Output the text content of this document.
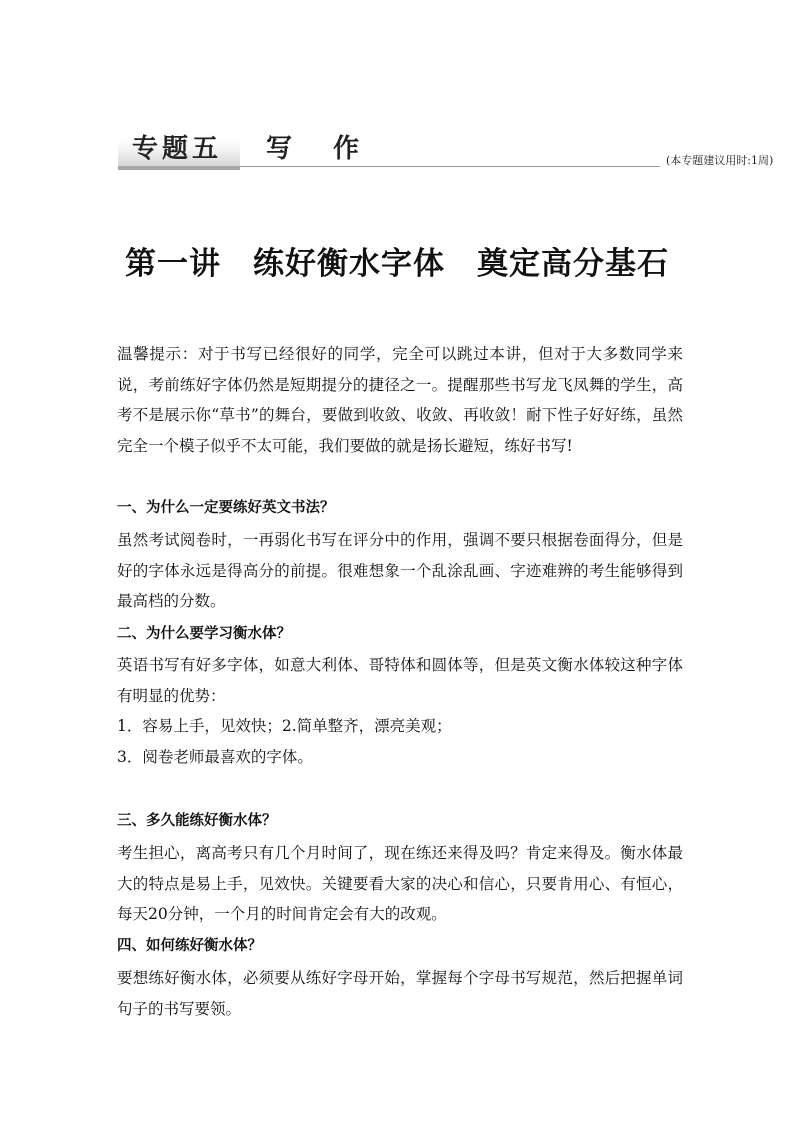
专题五 写 作	(本专题建议用时:1周)
第一讲　练好衡水字体　奠定高分基石
温馨提示：对于书写已经很好的同学，完全可以跳过本讲，但对于大多数同学来说，考前练好字体仍然是短期提分的捷径之一。提醒那些书写龙飞凤舞的学生，高考不是展示你“草书”的舞台，要做到收敛、收敛、再收敛！耐下性子好好练，虽然完全一个模子似乎不太可能，我们要做的就是扬长避短，练好书写!
一、为什么一定要练好英文书法？
虽然考试阅卷时，一再弱化书写在评分中的作用，强调不要只根据卷面得分，但是好的字体永远是得高分的前提。很难想象一个乱涂乱画、字迹难辨的考生能够得到最高档的分数。
二、为什么要学习衡水体？
英语书写有好多字体，如意大利体、哥特体和圆体等，但是英文衡水体较这种字体有明显的优势：
1．容易上手，见效快；2.简单整齐，漂亮美观；
3．阅卷老师最喜欢的字体。
三、多久能练好衡水体？
考生担心，离高考只有几个月时间了，现在练还来得及吗？肯定来得及。衡水体最大的特点是易上手，见效快。关键要看大家的决心和信心，只要肯用心、有恒心，每天20分钟，一个月的时间肯定会有大的改观。
四、如何练好衡水体？
要想练好衡水体，必须要从练好字母开始，掌握每个字母书写规范，然后把握单词句子的书写要领。
